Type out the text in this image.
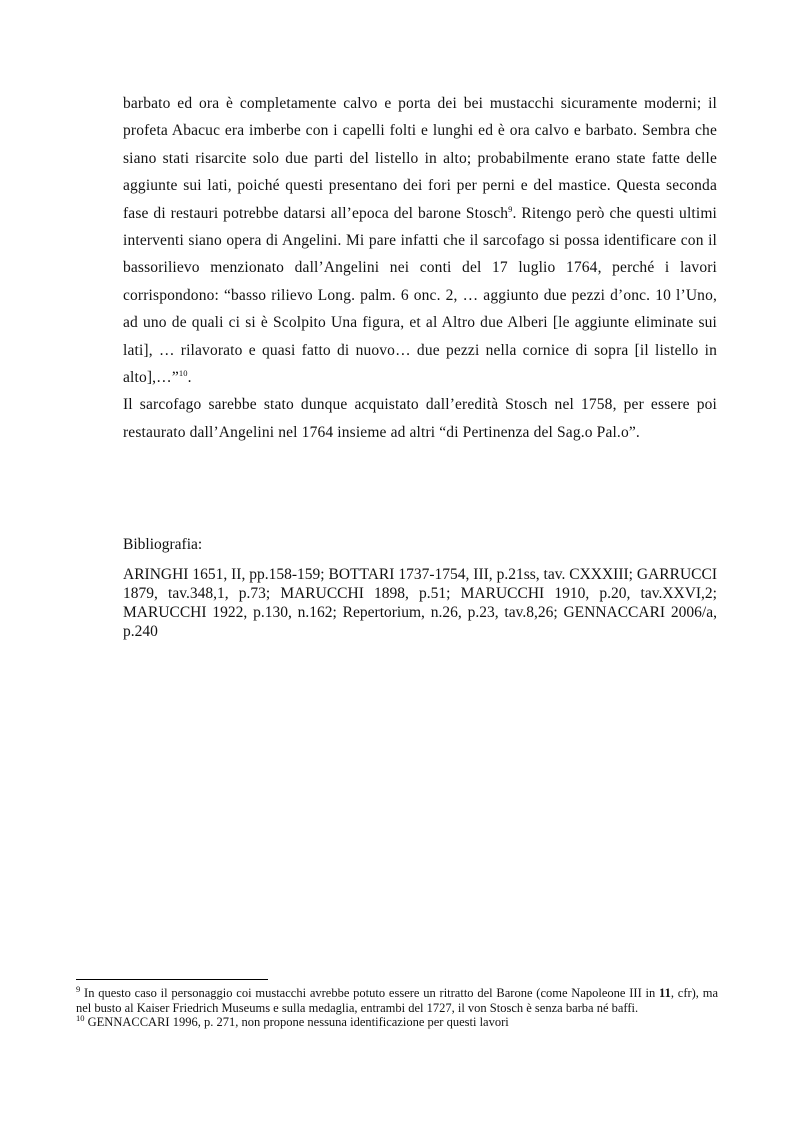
barbato ed ora è completamente calvo e porta dei bei mustacchi sicuramente moderni; il profeta Abacuc era imberbe con i capelli folti e lunghi ed è ora calvo e barbato. Sembra che siano stati risarcite solo due parti del listello in alto; probabilmente erano state fatte delle aggiunte sui lati, poiché questi presentano dei fori per perni e del mastice. Questa seconda fase di restauri potrebbe datarsi all’epoca del barone Stosch$^9$. Ritengo però che questi ultimi interventi siano opera di Angelini. Mi pare infatti che il sarcofago si possa identificare con il bassorilievo menzionato dall’Angelini nei conti del 17 luglio 1764, perché i lavori corrispondono: “basso rilievo Long. palm. 6 onc. 2, … aggiunto due pezzi d’onc. 10 l’Uno, ad uno de quali ci si è Scolpito Una figura, et al Altro due Alberi [le aggiunte eliminate sui lati], … rilavorato e quasi fatto di nuovo… due pezzi nella cornice di sopra [il listello in alto],…”$^{10}$.

Il sarcofago sarebbe stato dunque acquistato dall’eredità Stosch nel 1758, per essere poi restaurato dall’Angelini nel 1764 insieme ad altri “di Pertinenza del Sag.o Pal.o”.

Bibliografia:
ARINGHI 1651, II, pp.158-159; BOTTARI 1737-1754, III, p.21ss, tav. CXXXIII; GARRUCCI 1879, tav.348,1, p.73; MARUCCHI 1898, p.51; MARUCCHI 1910, p.20, tav.XXVI,2; MARUCCHI 1922, p.130, n.162; Repertorium, n.26, p.23, tav.8,26; GENNACCARI 2006/a, p.240

$^9$ In questo caso il personaggio coi mustacchi avrebbe potuto essere un ritratto del Barone (come Napoleone III in 11, cfr), ma nel busto al Kaiser Friedrich Museums e sulla medaglia, entrambi del 1727, il von Stosch è senza barba né baffi.

$^{10}$ GENNACCARI 1996, p. 271, non propone nessuna identificazione per questi lavori
